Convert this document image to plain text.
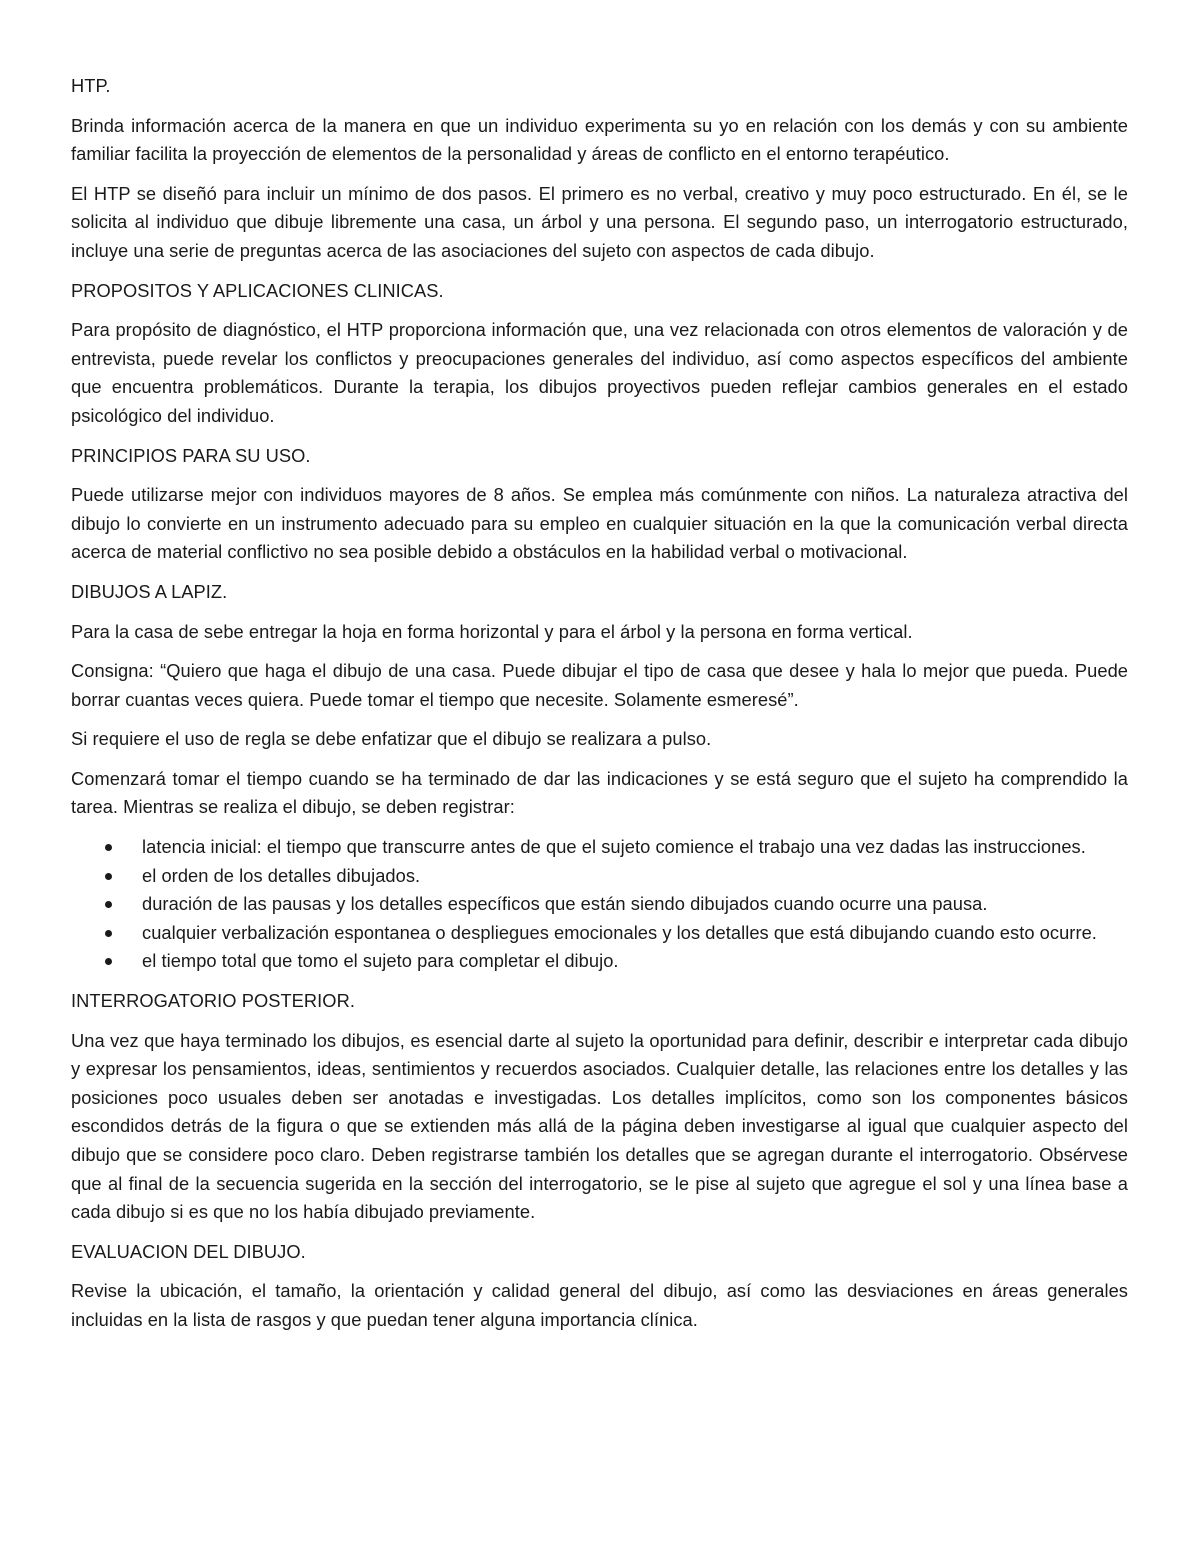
HTP.

Brinda información acerca de la manera en que un individuo experimenta su yo en relación con los demás y con su ambiente familiar facilita la proyección de elementos de la personalidad y áreas de conflicto en el entorno terapéutico.

El HTP se diseñó para incluir un mínimo de dos pasos. El primero es no verbal, creativo y muy poco estructurado. En él, se le solicita al individuo que dibuje libremente una casa, un árbol y una persona. El segundo paso, un interrogatorio estructurado, incluye una serie de preguntas acerca de las asociaciones del sujeto con aspectos de cada dibujo.

PROPOSITOS Y APLICACIONES CLINICAS.

Para propósito de diagnóstico, el HTP proporciona información que, una vez relacionada con otros elementos de valoración y de entrevista, puede revelar los conflictos y preocupaciones generales del individuo, así como aspectos específicos del ambiente que encuentra problemáticos. Durante la terapia, los dibujos proyectivos pueden reflejar cambios generales en el estado psicológico del individuo.

PRINCIPIOS PARA SU USO.

Puede utilizarse mejor con individuos mayores de 8 años. Se emplea más comúnmente con niños. La naturaleza atractiva del dibujo lo convierte en un instrumento adecuado para su empleo en cualquier situación en la que la comunicación verbal directa acerca de material conflictivo no sea posible debido a obstáculos en la habilidad verbal o motivacional.

DIBUJOS A LAPIZ.

Para la casa de sebe entregar la hoja en forma horizontal y para el árbol y la persona en forma vertical.

Consigna: “Quiero que haga el dibujo de una casa. Puede dibujar el tipo de casa que desee y hala lo mejor que pueda. Puede borrar cuantas veces quiera. Puede tomar el tiempo que necesite. Solamente esmeresé”.

Si requiere el uso de regla se debe enfatizar que el dibujo se realizara a pulso.

Comenzará tomar el tiempo cuando se ha terminado de dar las indicaciones y se está seguro que el sujeto ha comprendido la tarea. Mientras se realiza el dibujo, se deben registrar:

latencia inicial: el tiempo que transcurre antes de que el sujeto comience el trabajo una vez dadas las instrucciones.
el orden de los detalles dibujados.
duración de las pausas y los detalles específicos que están siendo dibujados cuando ocurre una pausa.
cualquier verbalización espontanea o despliegues emocionales y los detalles que está dibujando cuando esto ocurre.
el tiempo total que tomo el sujeto para completar el dibujo.

INTERROGATORIO POSTERIOR.

Una vez que haya terminado los dibujos, es esencial darte al sujeto la oportunidad para definir, describir e interpretar cada dibujo y expresar los pensamientos, ideas, sentimientos y recuerdos asociados. Cualquier detalle, las relaciones entre los detalles y las posiciones poco usuales deben ser anotadas e investigadas. Los detalles implícitos, como son los componentes básicos escondidos detrás de la figura o que se extienden más allá de la página deben investigarse al igual que cualquier aspecto del dibujo que se considere poco claro. Deben registrarse también los detalles que se agregan durante el interrogatorio. Obsérvese que al final de la secuencia sugerida en la sección del interrogatorio, se le pise al sujeto que agregue el sol y una línea base a cada dibujo si es que no los había dibujado previamente.

EVALUACION DEL DIBUJO.

Revise la ubicación, el tamaño, la orientación y calidad general del dibujo, así como las desviaciones en áreas generales incluidas en la lista de rasgos y que puedan tener alguna importancia clínica.
